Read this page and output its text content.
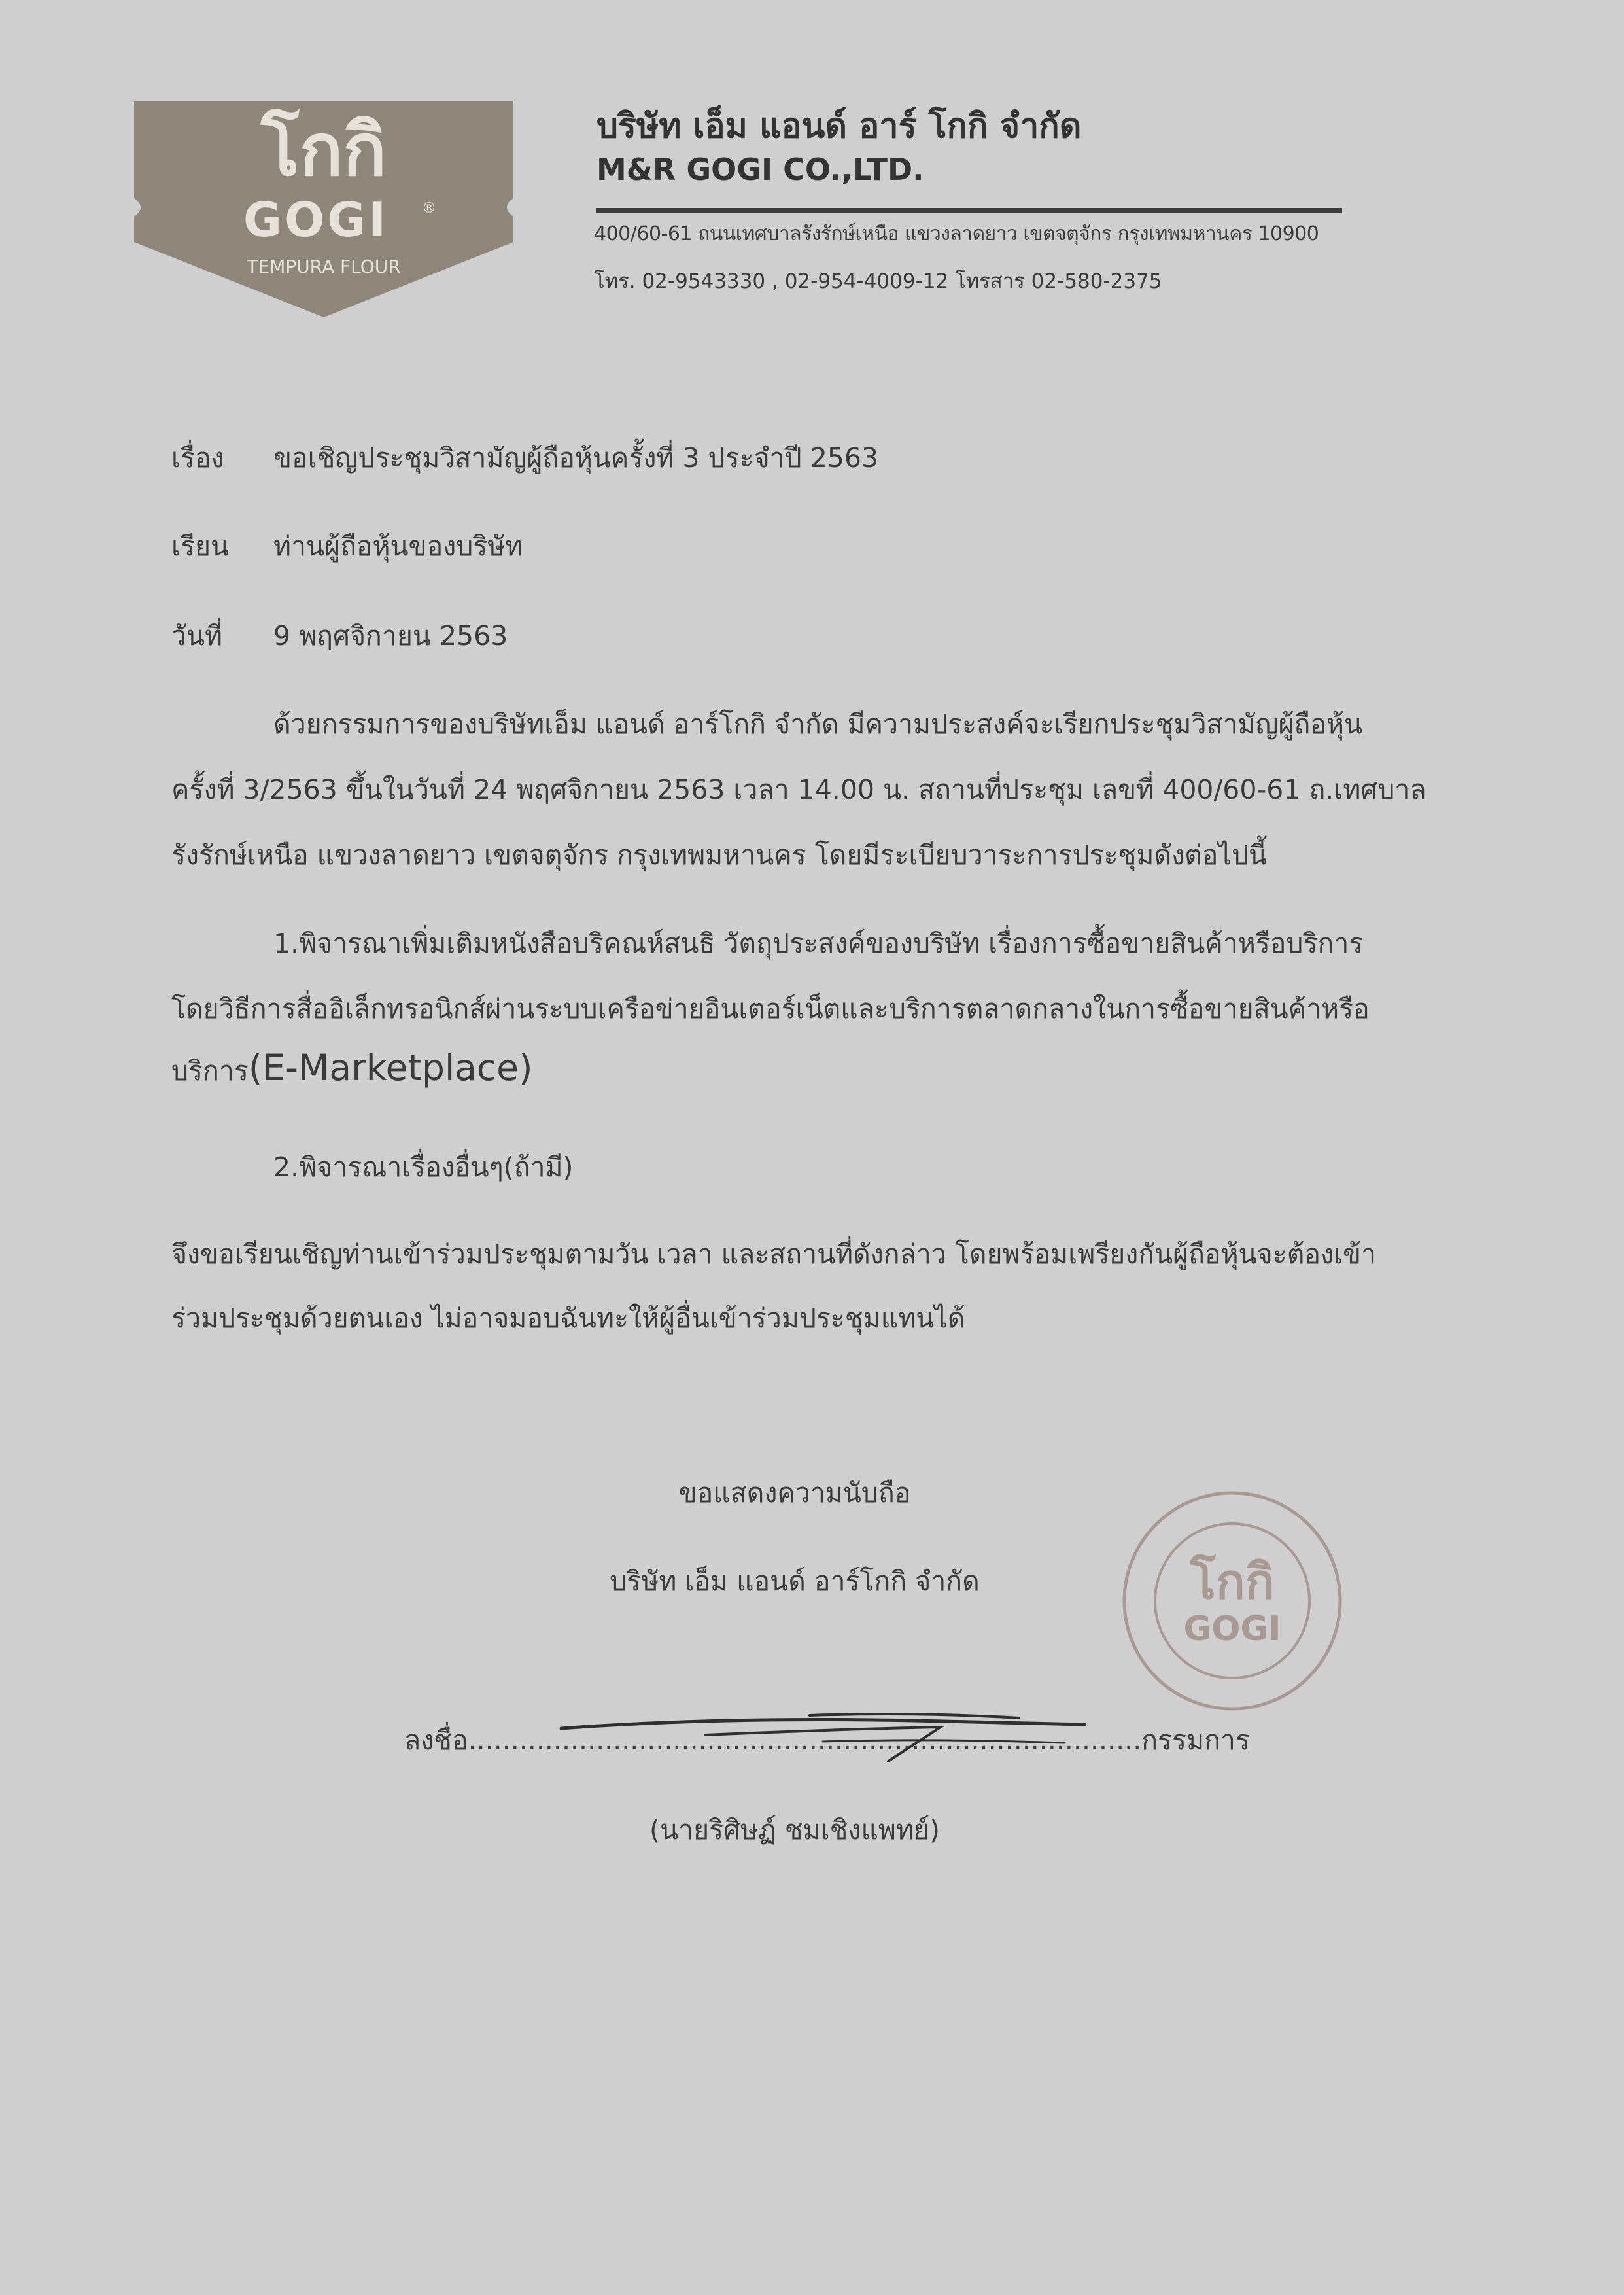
โกกิ
GOGI ®
TEMPURA FLOUR
บริษัท เอ็ม แอนด์ อาร์ โกกิ จำกัด
M&R GOGI CO.,LTD.
400/60-61 ถนนเทศบาลรังรักษ์เหนือ แขวงลาดยาว เขตจตุจักร กรุงเทพมหานคร 10900
โทร. 02-9543330 , 02-954-4009-12 โทรสาร 02-580-2375
เรื่อง ขอเชิญประชุมวิสามัญผู้ถือหุ้นครั้งที่ 3 ประจำปี 2563
เรียน ท่านผู้ถือหุ้นของบริษัท
วันที่ 9 พฤศจิกายน 2563
ด้วยกรรมการของบริษัทเอ็ม แอนด์ อาร์โกกิ จำกัด มีความประสงค์จะเรียกประชุมวิสามัญผู้ถือหุ้น
ครั้งที่ 3/2563 ขึ้นในวันที่ 24 พฤศจิกายน 2563 เวลา 14.00 น. สถานที่ประชุม เลขที่ 400/60-61 ถ.เทศบาล
รังรักษ์เหนือ แขวงลาดยาว เขตจตุจักร กรุงเทพมหานคร โดยมีระเบียบวาระการประชุมดังต่อไปนี้
1.พิจารณาเพิ่มเติมหนังสือบริคณห์สนธิ วัตถุประสงค์ของบริษัท เรื่องการซื้อขายสินค้าหรือบริการ
โดยวิธีการสื่ออิเล็กทรอนิกส์ผ่านระบบเครือข่ายอินเตอร์เน็ตและบริการตลาดกลางในการซื้อขายสินค้าหรือ
บริการ(E-Marketplace)
2.พิจารณาเรื่องอื่นๆ(ถ้ามี)
จึงขอเรียนเชิญท่านเข้าร่วมประชุมตามวัน เวลา และสถานที่ดังกล่าว โดยพร้อมเพรียงกันผู้ถือหุ้นจะต้องเข้า
ร่วมประชุมด้วยตนเอง ไม่อาจมอบฉันทะให้ผู้อื่นเข้าร่วมประชุมแทนได้
ขอแสดงความนับถือ
บริษัท เอ็ม แอนด์ อาร์โกกิ จำกัด	โกกิ
GOGI
ลงชื่อ...............................................................................กรรมการ
(นายริศิษฏ์ ชมเชิงแพทย์)
